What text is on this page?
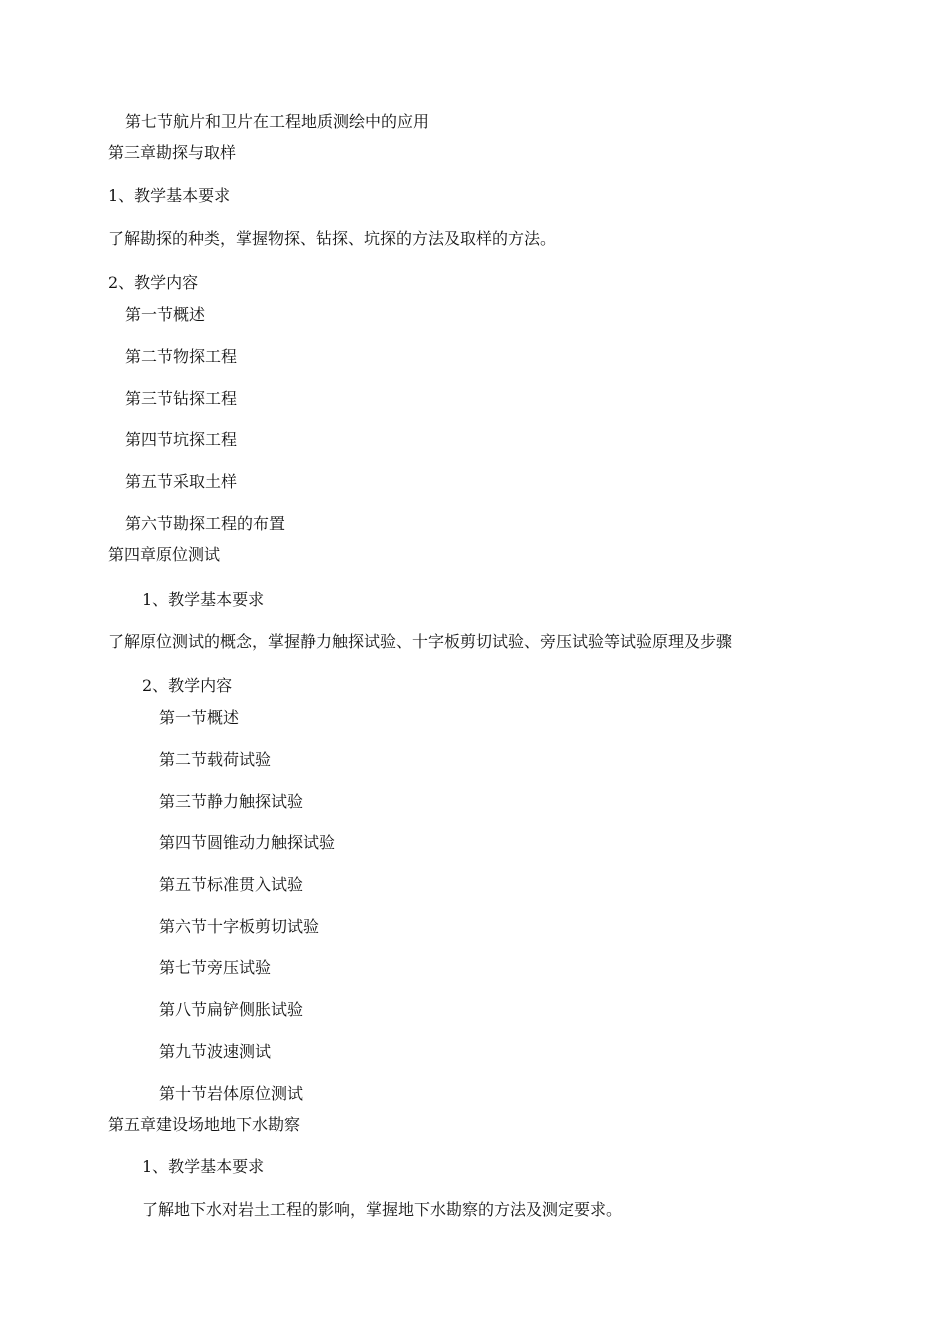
第七节航片和卫片在工程地质测绘中的应用
第三章勘探与取样
1、教学基本要求
了解勘探的种类，掌握物探、钻探、坑探的方法及取样的方法。
2、教学内容
第一节概述
第二节物探工程
第三节钻探工程
第四节坑探工程
第五节采取土样
第六节勘探工程的布置
第四章原位测试
1、教学基本要求
了解原位测试的概念，掌握静力触探试验、十字板剪切试验、旁压试验等试验原理及步骤
2、教学内容
第一节概述
第二节载荷试验
第三节静力触探试验
第四节圆锥动力触探试验
第五节标准贯入试验
第六节十字板剪切试验
第七节旁压试验
第八节扁铲侧胀试验
第九节波速测试
第十节岩体原位测试
第五章建设场地地下水勘察
1、教学基本要求
了解地下水对岩土工程的影响，掌握地下水勘察的方法及测定要求。
